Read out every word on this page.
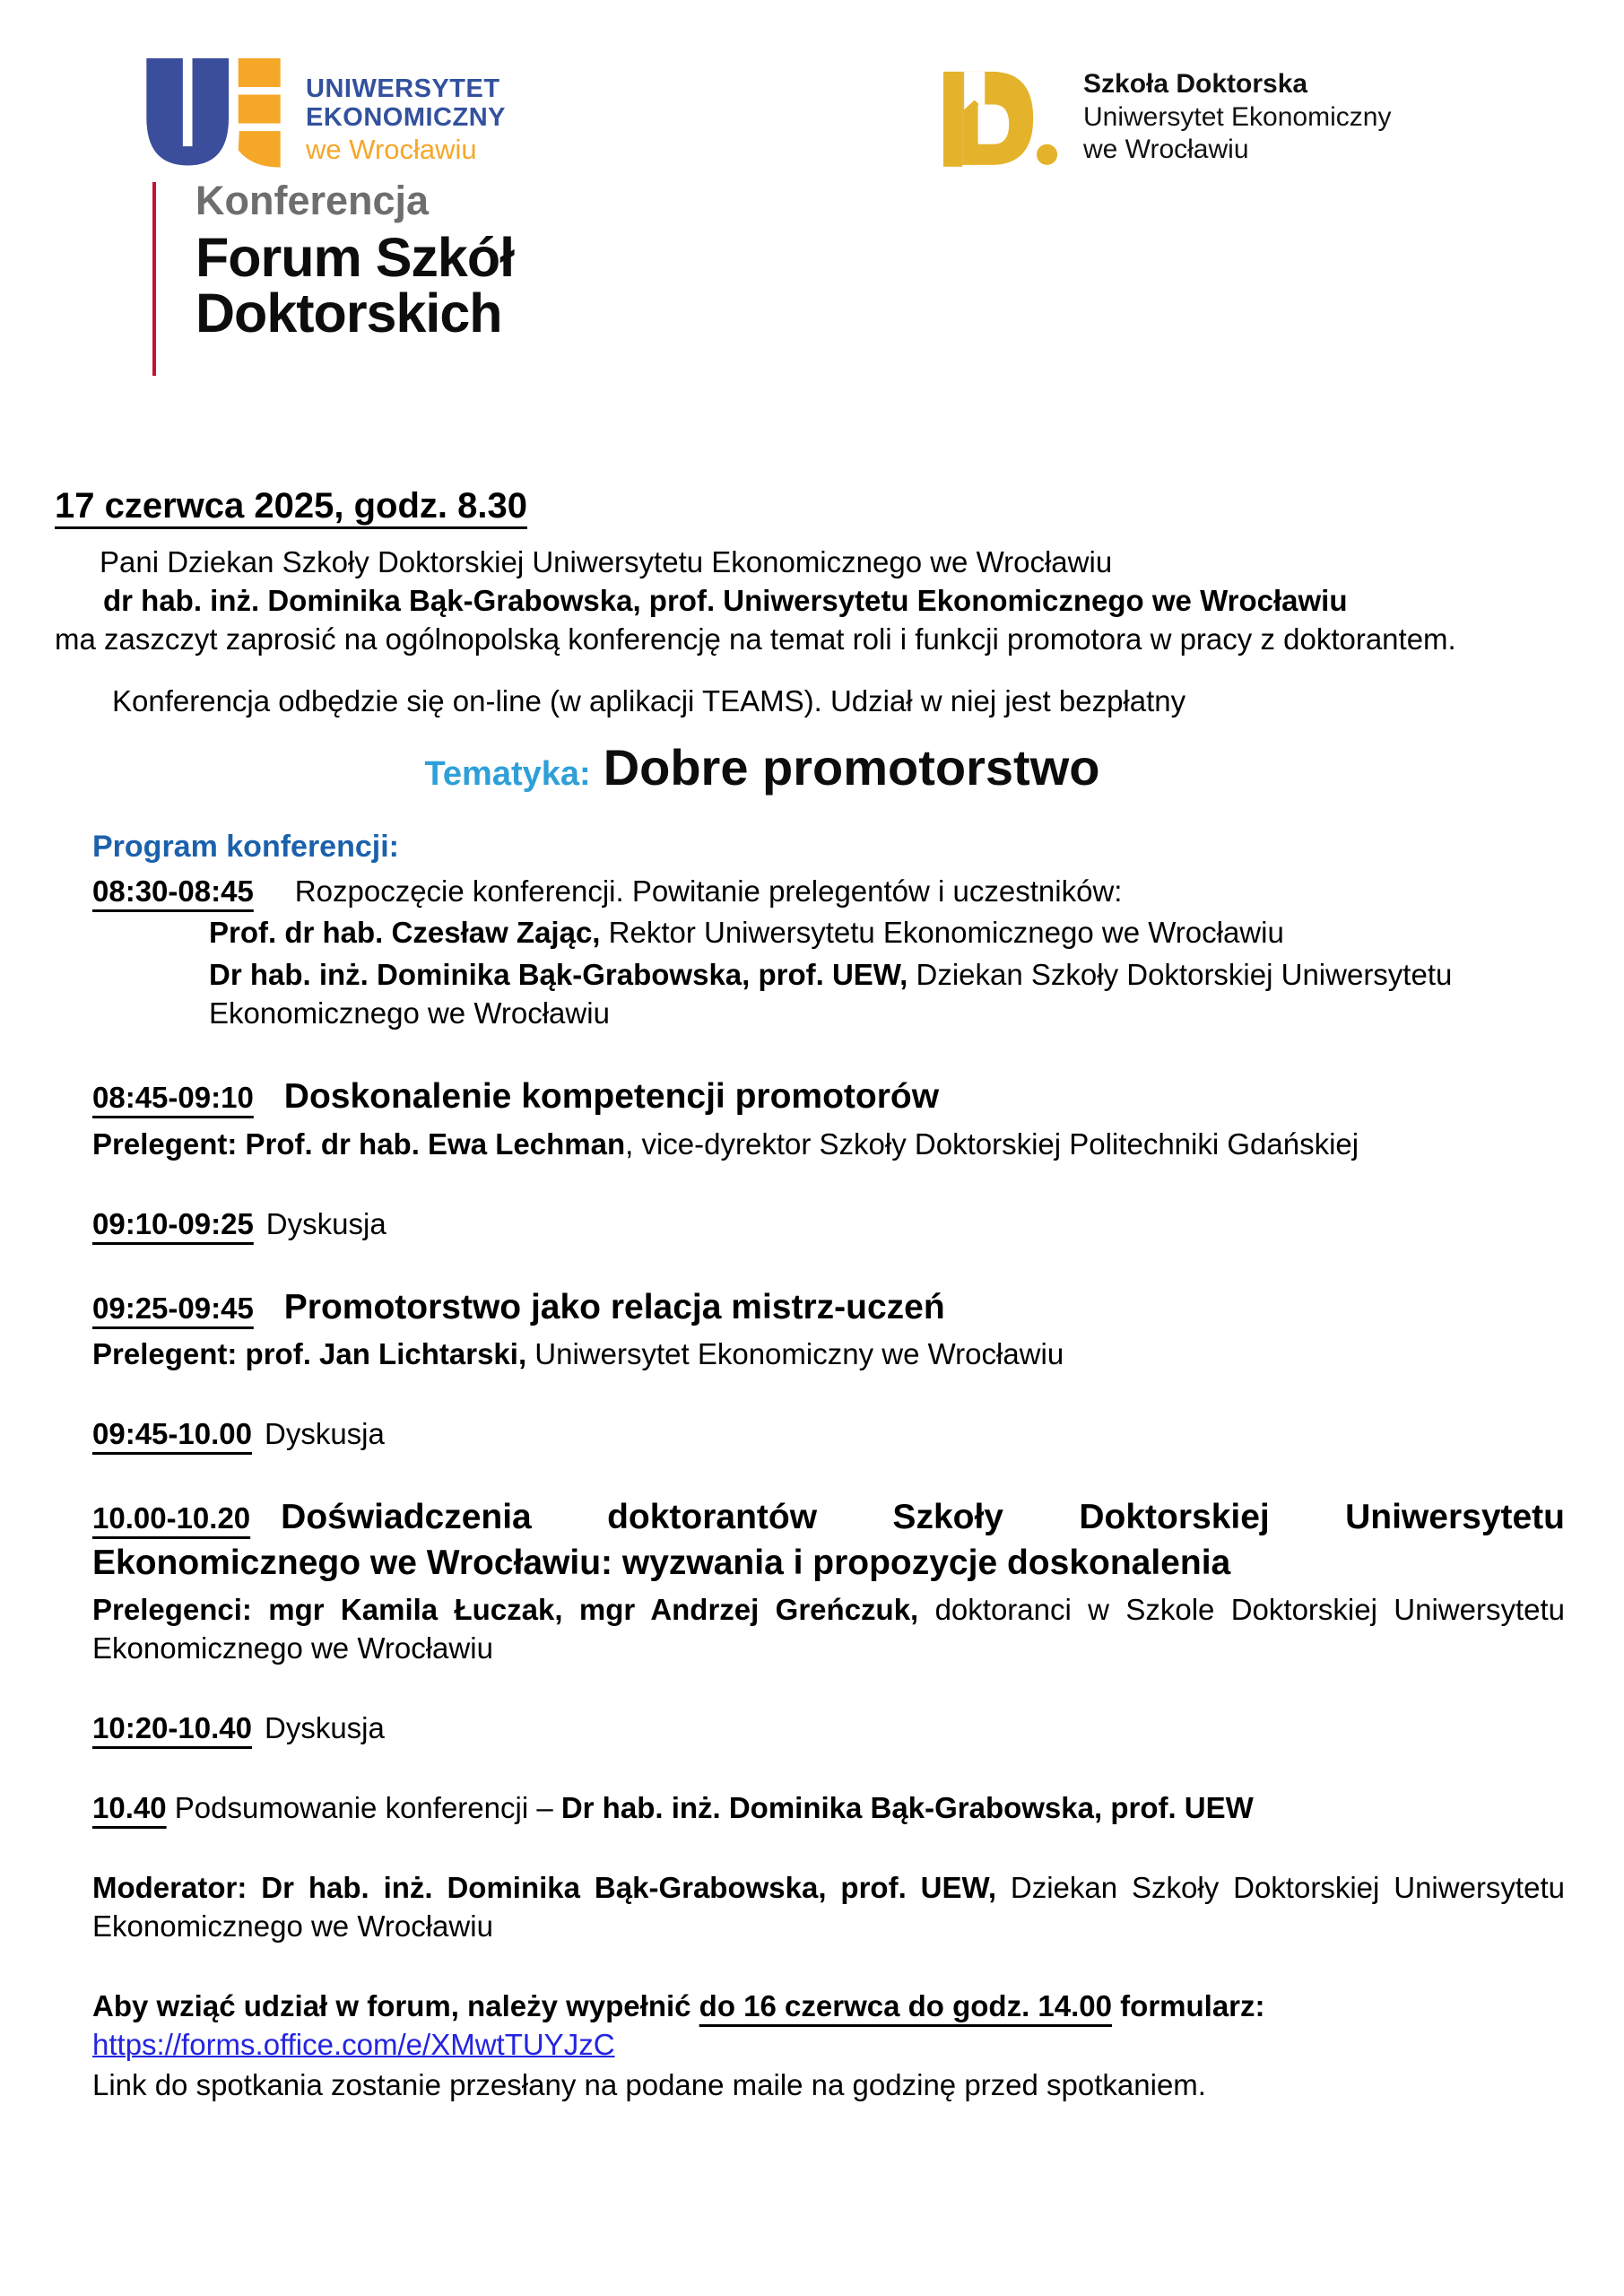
UNIWERSYTET
EKONOMICZNY
we Wrocławiu
Szkoła Doktorska
Uniwersytet Ekonomiczny
we Wrocławiu
Konferencja
Forum Szkół
Doktorskich
17 czerwca 2025, godz. 8.30
Pani Dziekan Szkoły Doktorskiej Uniwersytetu Ekonomicznego we Wrocławiu
dr hab. inż. Dominika Bąk-Grabowska, prof. Uniwersytetu Ekonomicznego we Wrocławiu
ma zaszczyt zaprosić na ogólnopolską konferencję na temat roli i funkcji promotora w pracy z doktorantem.
Konferencja odbędzie się on-line (w aplikacji TEAMS). Udział w niej jest bezpłatny
Tematyka: Dobre promotorstwo
Program konferencji:
08:30-08:45 Rozpoczęcie konferencji. Powitanie prelegentów i uczestników:
Prof. dr hab. Czesław Zając, Rektor Uniwersytetu Ekonomicznego we Wrocławiu
Dr hab. inż. Dominika Bąk-Grabowska, prof. UEW, Dziekan Szkoły Doktorskiej Uniwersytetu Ekonomicznego we Wrocławiu
08:45-09:10 Doskonalenie kompetencji promotorów
Prelegent: Prof. dr hab. Ewa Lechman, vice-dyrektor Szkoły Doktorskiej Politechniki Gdańskiej
09:10-09:25 Dyskusja
09:25-09:45 Promotorstwo jako relacja mistrz-uczeń
Prelegent: prof. Jan Lichtarski, Uniwersytet Ekonomiczny we Wrocławiu
09:45-10.00 Dyskusja
10.00-10.20 Doświadczenia doktorantów Szkoły Doktorskiej Uniwersytetu Ekonomicznego we Wrocławiu: wyzwania i propozycje doskonalenia
Prelegenci: mgr Kamila Łuczak, mgr Andrzej Greńczuk, doktoranci w Szkole Doktorskiej Uniwersytetu Ekonomicznego we Wrocławiu
10:20-10.40 Dyskusja
10.40 Podsumowanie konferencji – Dr hab. inż. Dominika Bąk-Grabowska, prof. UEW
Moderator: Dr hab. inż. Dominika Bąk-Grabowska, prof. UEW, Dziekan Szkoły Doktorskiej Uniwersytetu Ekonomicznego we Wrocławiu
Aby wziąć udział w forum, należy wypełnić do 16 czerwca do godz. 14.00 formularz:
https://forms.office.com/e/XMwtTUYJzC
Link do spotkania zostanie przesłany na podane maile na godzinę przed spotkaniem.
